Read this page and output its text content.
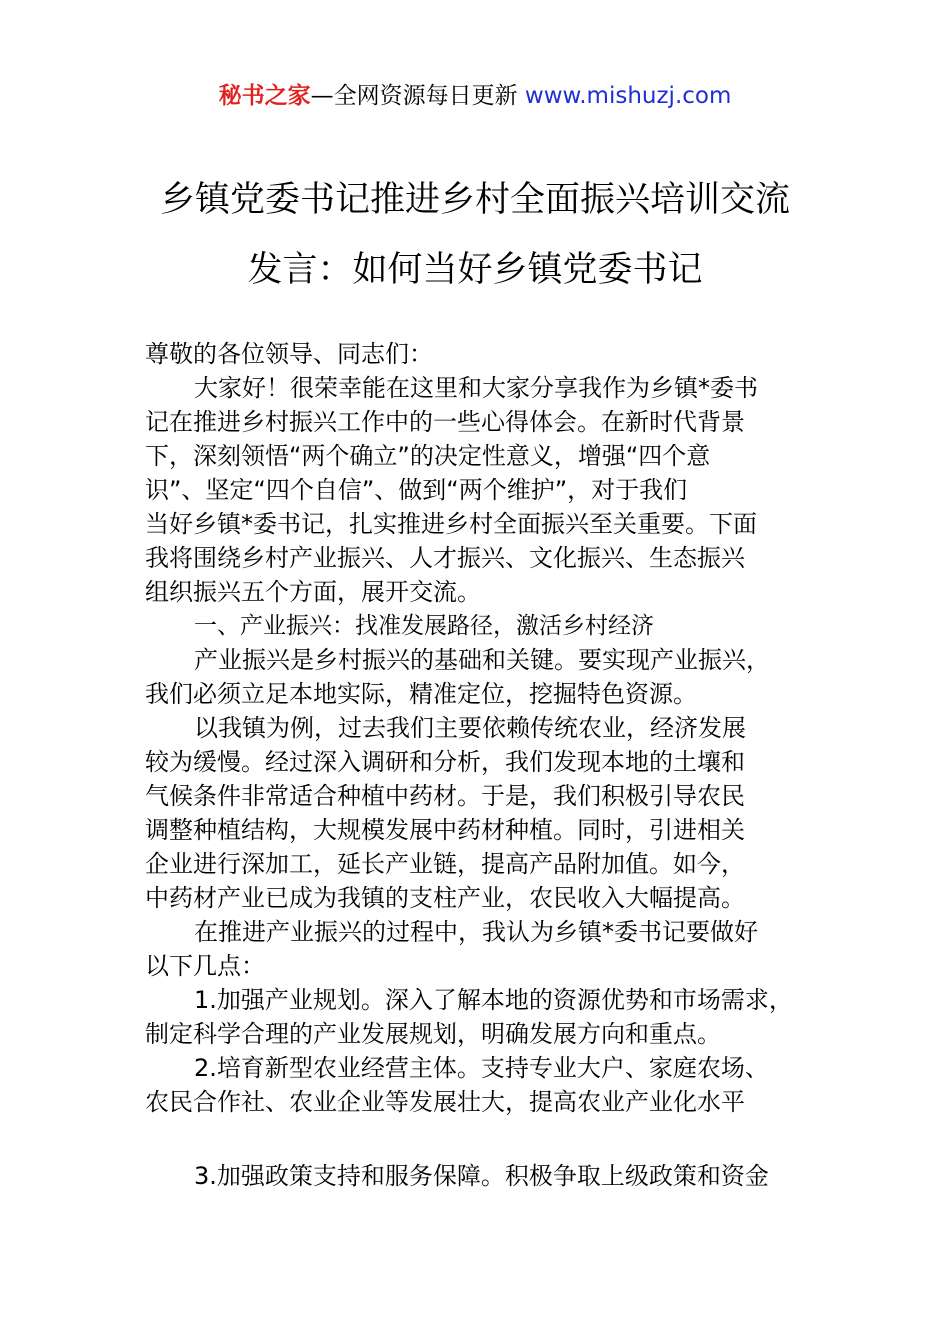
秘书之家—全网资源每日更新 www.mishuzj.com
乡镇党委书记推进乡村全面振兴培训交流
发言：如何当好乡镇党委书记
尊敬的各位领导、同志们：
大家好！很荣幸能在这里和大家分享我作为乡镇*委书
记在推进乡村振兴工作中的一些心得体会。在新时代背景
下，深刻领悟“两个确立”的决定性意义，增强“四个意
识”、坚定“四个自信”、做到“两个维护”，对于我们
当好乡镇*委书记，扎实推进乡村全面振兴至关重要。下面
我将围绕乡村产业振兴、人才振兴、文化振兴、生态振兴
组织振兴五个方面，展开交流。
一、产业振兴：找准发展路径，激活乡村经济
产业振兴是乡村振兴的基础和关键。要实现产业振兴，
我们必须立足本地实际，精准定位，挖掘特色资源。
以我镇为例，过去我们主要依赖传统农业，经济发展
较为缓慢。经过深入调研和分析，我们发现本地的土壤和
气候条件非常适合种植中药材。于是，我们积极引导农民
调整种植结构，大规模发展中药材种植。同时，引进相关
企业进行深加工，延长产业链，提高产品附加值。如今，
中药材产业已成为我镇的支柱产业，农民收入大幅提高。
在推进产业振兴的过程中，我认为乡镇*委书记要做好
以下几点：
1.加强产业规划。深入了解本地的资源优势和市场需求，
制定科学合理的产业发展规划，明确发展方向和重点。
2.培育新型农业经营主体。支持专业大户、家庭农场、
农民合作社、农业企业等发展壮大，提高农业产业化水平
3.加强政策支持和服务保障。积极争取上级政策和资金
